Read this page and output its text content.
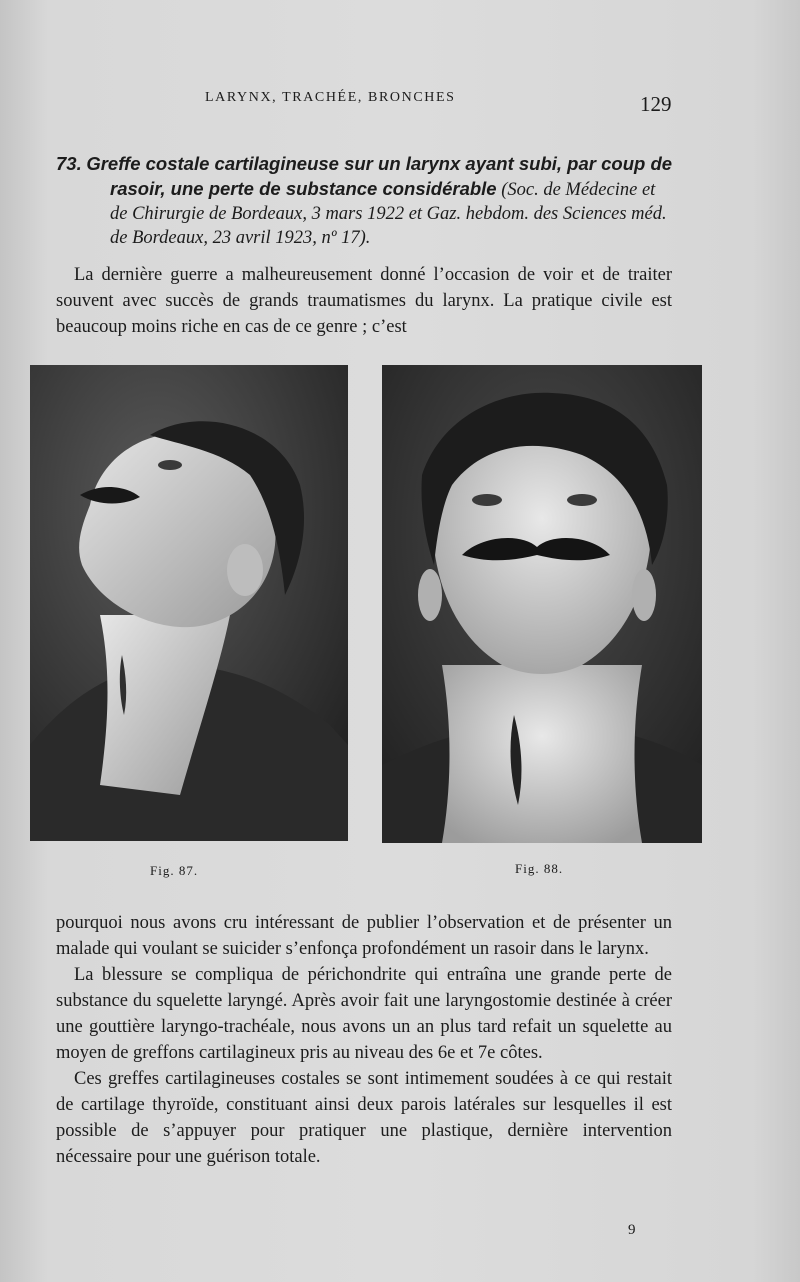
LARYNX, TRACHÉE, BRONCHES	129
73. Greffe costale cartilagineuse sur un larynx ayant subi, par coup de rasoir, une perte de substance considérable (Soc. de Médecine et de Chirurgie de Bordeaux, 3 mars 1922 et Gaz. hebdom. des Sciences méd. de Bordeaux, 23 avril 1923, nº 17).

La dernière guerre a malheureusement donné l’occasion de voir et de traiter souvent avec succès de grands traumatismes du larynx. La pratique civile est beaucoup moins riche en cas de ce genre ; c’est

Fig. 87.	Fig. 88.

pourquoi nous avons cru intéressant de publier l’observation et de présenter un malade qui voulant se suicider s’enfonça profondément un rasoir dans le larynx.

La blessure se compliqua de périchondrite qui entraîna une grande perte de substance du squelette laryngé. Après avoir fait une laryngostomie destinée à créer une gouttière laryngo-trachéale, nous avons un an plus tard refait un squelette au moyen de greffons cartilagineux pris au niveau des 6e et 7e côtes.

Ces greffes cartilagineuses costales se sont intimement soudées à ce qui restait de cartilage thyroïde, constituant ainsi deux parois latérales sur lesquelles il est possible de s’appuyer pour pratiquer une plastique, dernière intervention nécessaire pour une guérison totale.

9
